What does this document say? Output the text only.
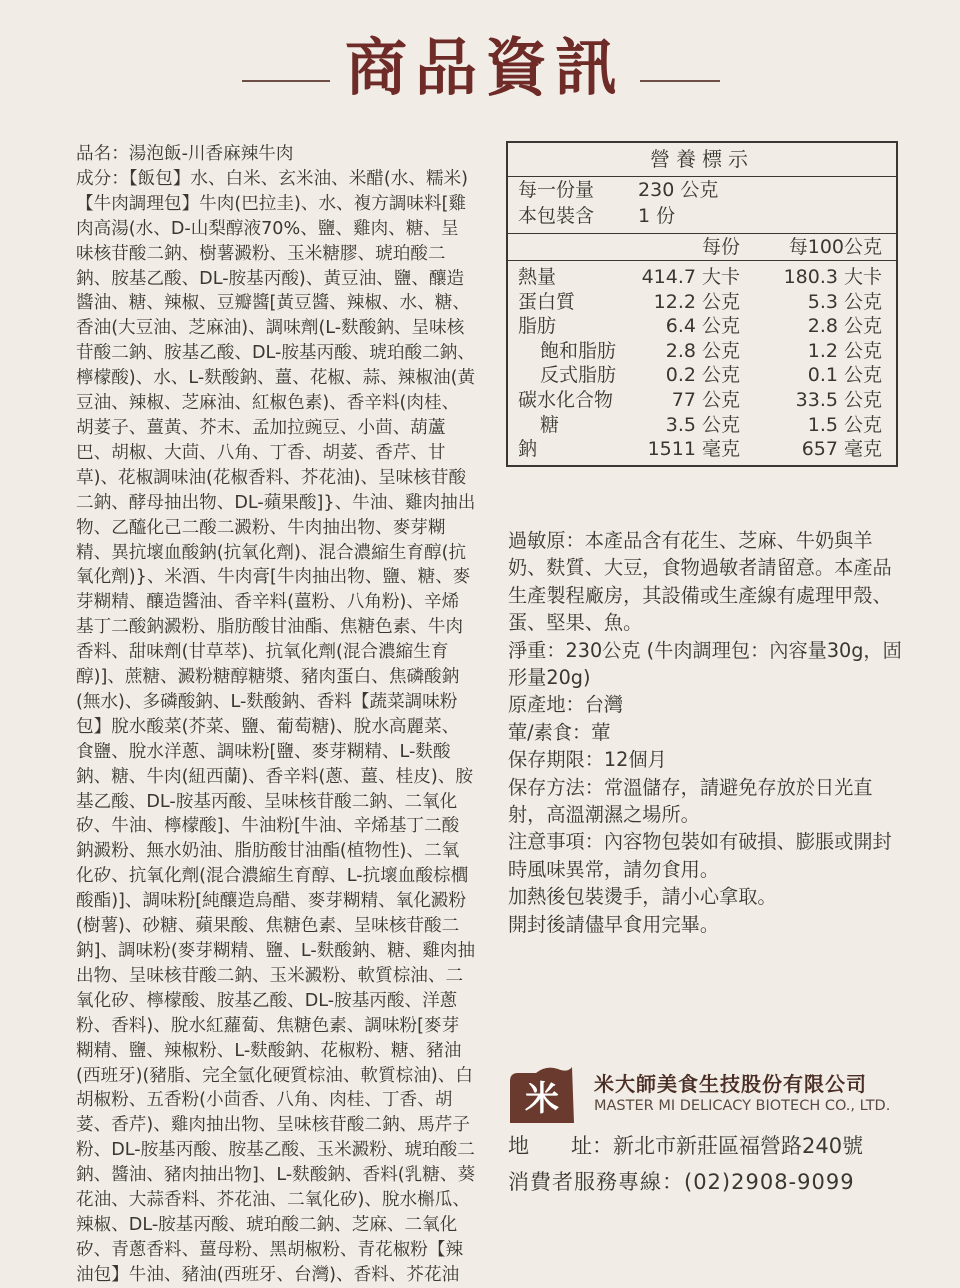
商品資訊

品名：湯泡飯-川香麻辣牛肉

成分：【飯包】水、白米、玄米油、米醋(水、糯米)【牛肉調理包】牛肉(巴拉圭)、水、複方調味料[雞肉高湯(水、D-山梨醇液70%、鹽、雞肉、糖、呈味核苷酸二鈉、樹薯澱粉、玉米糖膠、琥珀酸二鈉、胺基乙酸、DL-胺基丙酸)、黃豆油、鹽、釀造醬油、糖、辣椒、豆瓣醬[黃豆醬、辣椒、水、糖、香油(大豆油、芝麻油)、調味劑(L-麩酸鈉、呈味核苷酸二鈉、胺基乙酸、DL-胺基丙酸、琥珀酸二鈉、檸檬酸)、水、L-麩酸鈉、薑、花椒、蒜、辣椒油(黃豆油、辣椒、芝麻油、紅椒色素)、香辛料(肉桂、胡荽子、薑黃、芥末、孟加拉豌豆、小茴、葫蘆巴、胡椒、大茴、八角、丁香、胡荽、香芹、甘草)、花椒調味油(花椒香料、芥花油)、呈味核苷酸二鈉、酵母抽出物、DL-蘋果酸]}、牛油、雞肉抽出物、乙醯化己二酸二澱粉、牛肉抽出物、麥芽糊精、異抗壞血酸鈉(抗氧化劑)、混合濃縮生育醇(抗氧化劑)}、米酒、牛肉膏[牛肉抽出物、鹽、糖、麥芽糊精、釀造醬油、香辛料(薑粉、八角粉)、辛烯基丁二酸鈉澱粉、脂肪酸甘油酯、焦糖色素、牛肉香料、甜味劑(甘草萃)、抗氧化劑(混合濃縮生育醇)]、蔗糖、澱粉糖醇糖漿、豬肉蛋白、焦磷酸鈉(無水)、多磷酸鈉、L-麩酸鈉、香料【蔬菜調味粉包】脫水酸菜(芥菜、鹽、葡萄糖)、脫水高麗菜、食鹽、脫水洋蔥、調味粉[鹽、麥芽糊精、L-麩酸鈉、糖、牛肉(紐西蘭)、香辛料(蔥、薑、桂皮)、胺基乙酸、DL-胺基丙酸、呈味核苷酸二鈉、二氧化矽、牛油、檸檬酸]、牛油粉[牛油、辛烯基丁二酸鈉澱粉、無水奶油、脂肪酸甘油酯(植物性)、二氧化矽、抗氧化劑(混合濃縮生育醇、L-抗壞血酸棕櫚酸酯)]、調味粉[純釀造烏醋、麥芽糊精、氧化澱粉(樹薯)、砂糖、蘋果酸、焦糖色素、呈味核苷酸二鈉]、調味粉(麥芽糊精、鹽、L-麩酸鈉、糖、雞肉抽出物、呈味核苷酸二鈉、玉米澱粉、軟質棕油、二氧化矽、檸檬酸、胺基乙酸、DL-胺基丙酸、洋蔥粉、香料)、脫水紅蘿蔔、焦糖色素、調味粉[麥芽糊精、鹽、辣椒粉、L-麩酸鈉、花椒粉、糖、豬油(西班牙)(豬脂、完全氫化硬質棕油、軟質棕油)、白胡椒粉、五香粉(小茴香、八角、肉桂、丁香、胡荽、香芹)、雞肉抽出物、呈味核苷酸二鈉、馬芹子粉、DL-胺基丙酸、胺基乙酸、玉米澱粉、琥珀酸二鈉、醬油、豬肉抽出物]、L-麩酸鈉、香料(乳糖、葵花油、大蒜香料、芥花油、二氧化矽)、脫水槲瓜、辣椒、DL-胺基丙酸、琥珀酸二鈉、芝麻、二氧化矽、青蔥香料、薑母粉、黑胡椒粉、青花椒粉【辣油包】牛油、豬油(西班牙、台灣)、香料、芥花油

營養標示
每一份量 230 公克
本包裝含 1 份
每份	每100公克
熱量	414.7 大卡 180.3 大卡
蛋白質	12.2 公克	5.3 公克
脂肪	6.4 公克	2.8 公克
飽和脂肪	2.8 公克	1.2 公克
反式脂肪	0.2 公克	0.1 公克
碳水化合物	77 公克	33.5 公克
糖	3.5 公克	1.5 公克
鈉	1511 毫克	657 毫克

過敏原：本產品含有花生、芝麻、牛奶與羊奶、麩質、大豆，食物過敏者請留意。本產品生產製程廠房，其設備或生產線有處理甲殼、蛋、堅果、魚。

淨重：230公克 (牛肉調理包：內容量30g，固形量20g)

原產地：台灣

葷/素食：葷

保存期限：12個月

保存方法：常溫儲存，請避免存放於日光直射，高溫潮濕之場所。

注意事項：內容物包裝如有破損、膨脹或開封時風味異常，請勿食用。

加熱後包裝燙手，請小心拿取。

開封後請儘早食用完畢。

米 米大師美食生技股份有限公司
MASTER MI DELICACY BIOTECH CO., LTD.
地　　址：新北市新莊區福營路240號
消費者服務專線：(02)2908-9099
